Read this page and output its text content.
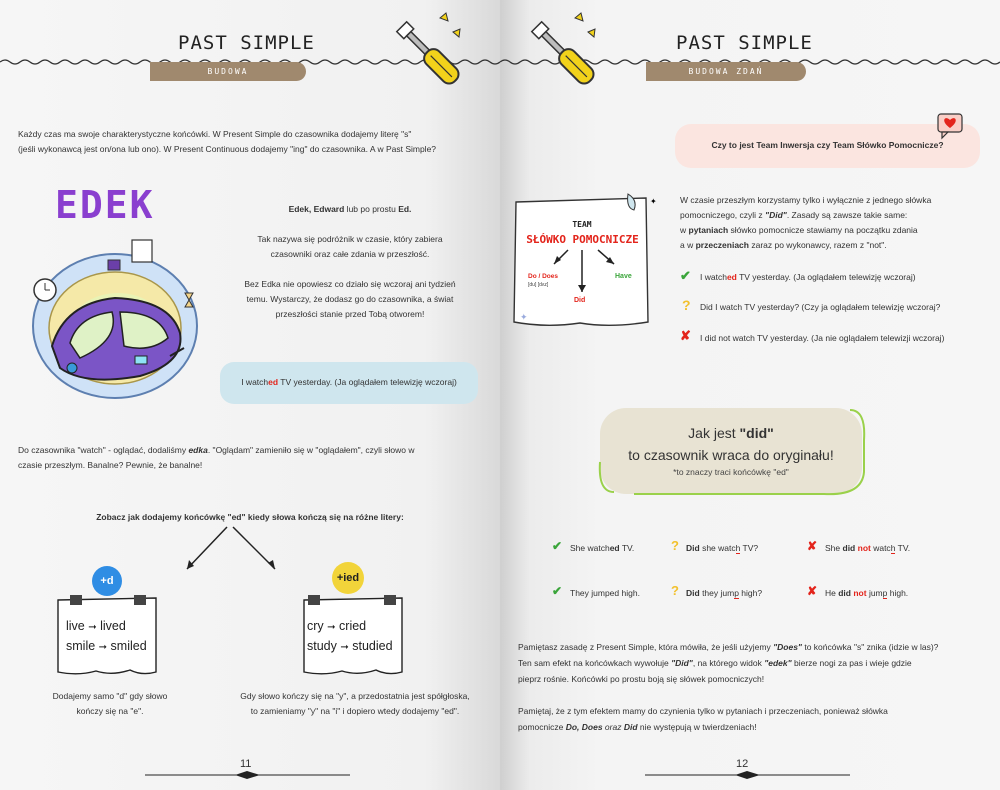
PAST SIMPLE
BUDOWA

Każdy czas ma swoje charakterystyczne końcówki. W Present Simple do czasownika dodajemy literę "s"

(jeśli wykonawcą jest on/ona lub ono). W Present Continuous dodajemy "ing" do czasownika. A w Past Simple?

EDEK	Edek, Edward lub po prostu Ed.

Tak nazywa się podróżnik w czasie, który zabiera

czasowniki oraz całe zdania w przeszłość.

Bez Edka nie opowiesz co działo się wczoraj ani tydzień

temu. Wystarczy, że dodasz go do czasownika, a świat

przeszłości stanie przed Tobą otworem!

I watched TV yesterday. (Ja oglądałem telewizję wczoraj)

Do czasownika "watch" - oglądać, dodaliśmy edka. "Oglądam" zamieniło się w "oglądałem", czyli słowo w

czasie przeszłym. Banalne? Pewnie, że banalne!

Zobacz jak dodajemy końcówkę "ed" kiedy słowa kończą się na różne litery:

+d
live ➞ lived
smile ➞ smiled

Dodajemy samo "d" gdy słowo

kończy się na "e".

+ied
cry ➞ cried
study ➞ studied

Gdy słowo kończy się na "y", a przedostatnia jest spółgłoska,

to zamieniamy "y" na "i" i dopiero wtedy dodajemy "ed".

11
PAST SIMPLE
BUDOWA ZDAŃ

Czy to jest Team Inwersja czy Team Słówko Pomocnicze?

✦
✦
TEAM
SŁÓWKO POMOCNICZE
Do / Does
[du] [dʌz]
Did
Have

W czasie przeszłym korzystamy tylko i wyłącznie z jednego słówka

pomocniczego, czyli z "Did". Zasady są zawsze takie same:

w pytaniach słówko pomocnicze stawiamy na początku zdania

a w przeczeniach zaraz po wykonawcy, razem z "not".

✔ I watched TV yesterday. (Ja oglądałem telewizję wczoraj)

? Did I watch TV yesterday? (Czy ja oglądałem telewizję wczoraj?

✘ I did not watch TV yesterday. (Ja nie oglądałem telewizji wczoraj)

Jak jest "did"
to czasownik wraca do oryginału!
*to znaczy traci końcówkę "ed"
✔ She watched TV.	? Did she watch TV?	✘ She did not watch TV.

✔ They jumped high. ? Did they jump high?	✘ He did not jump high.

Pamiętasz zasadę z Present Simple, która mówiła, że jeśli użyjemy "Does" to końcówka "s" znika (idzie w las)?

Ten sam efekt na końcówkach wywołuje "Did", na którego widok "edek" bierze nogi za pas i wieje gdzie

pieprz rośnie. Końcówki po prostu boją się słówek pomocniczych!

Pamiętaj, że z tym efektem mamy do czynienia tylko w pytaniach i przeczeniach, ponieważ słówka

pomocnicze Do, Does oraz Did nie występują w twierdzeniach!

12
